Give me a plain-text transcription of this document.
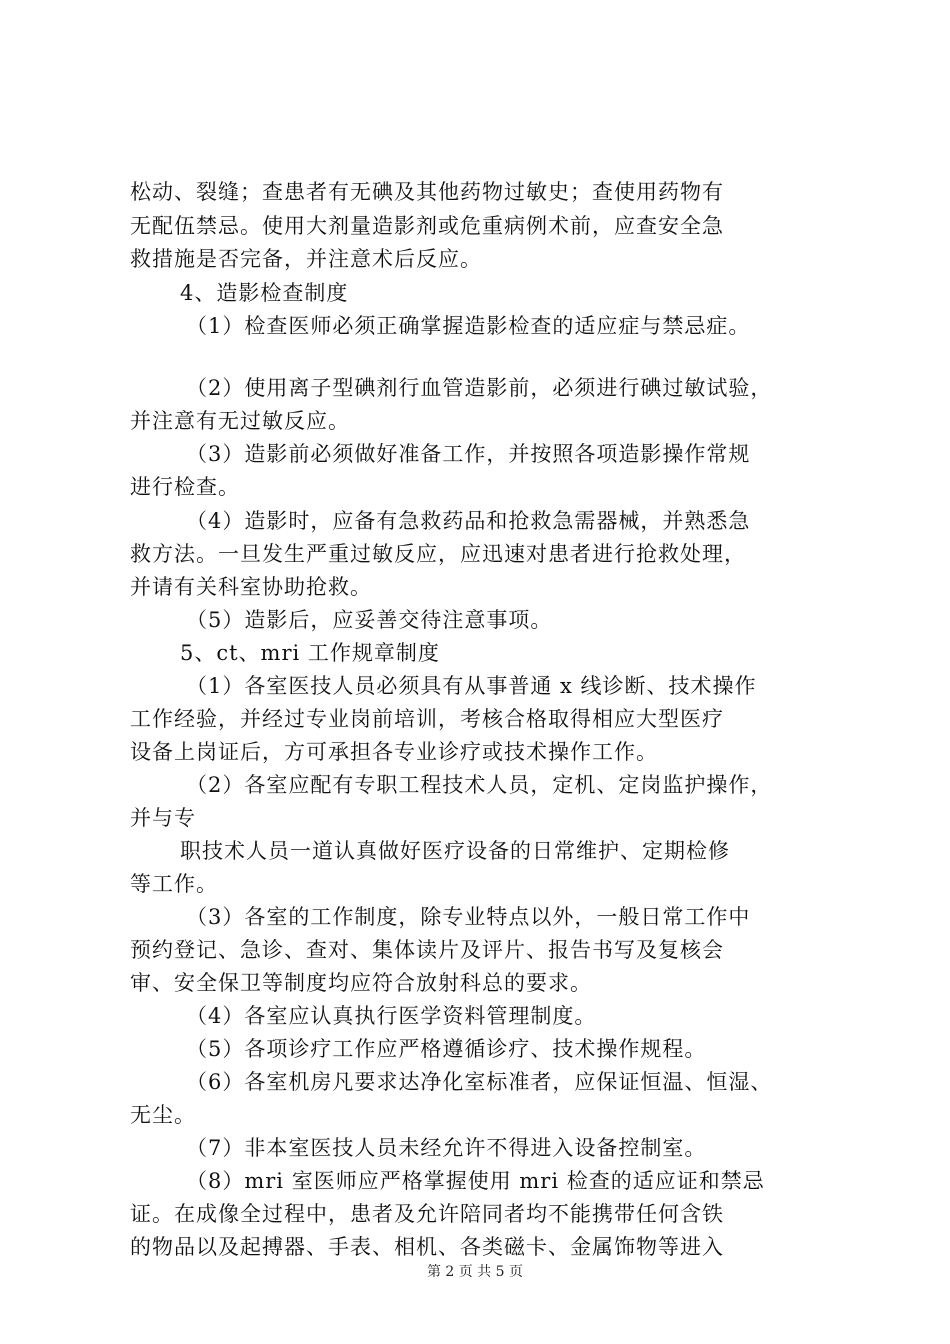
松动、裂缝；查患者有无碘及其他药物过敏史；查使用药物有
无配伍禁忌。使用大剂量造影剂或危重病例术前，应查安全急
救措施是否完备，并注意术后反应。
4、造影检查制度
（1）检查医师必须正确掌握造影检查的适应症与禁忌症。
（2）使用离子型碘剂行血管造影前，必须进行碘过敏试验，
并注意有无过敏反应。
（3）造影前必须做好准备工作，并按照各项造影操作常规
进行检查。
（4）造影时，应备有急救药品和抢救急需器械，并熟悉急
救方法。一旦发生严重过敏反应，应迅速对患者进行抢救处理，
并请有关科室协助抢救。
（5）造影后，应妥善交待注意事项。
5、ct、mri 工作规章制度
（1）各室医技人员必须具有从事普通 x 线诊断、技术操作
工作经验，并经过专业岗前培训，考核合格取得相应大型医疗
设备上岗证后，方可承担各专业诊疗或技术操作工作。
（2）各室应配有专职工程技术人员，定机、定岗监护操作，
并与专
职技术人员一道认真做好医疗设备的日常维护、定期检修
等工作。
（3）各室的工作制度，除专业特点以外，一般日常工作中
预约登记、急诊、查对、集体读片及评片、报告书写及复核会
审、安全保卫等制度均应符合放射科总的要求。
（4）各室应认真执行医学资料管理制度。
（5）各项诊疗工作应严格遵循诊疗、技术操作规程。
（6）各室机房凡要求达净化室标准者，应保证恒温、恒湿、
无尘。
（7）非本室医技人员未经允许不得进入设备控制室。
（8）mri 室医师应严格掌握使用 mri 检查的适应证和禁忌
证。在成像全过程中，患者及允许陪同者均不能携带任何含铁
的物品以及起搏器、手表、相机、各类磁卡、金属饰物等进入
第 2 页 共 5 页
